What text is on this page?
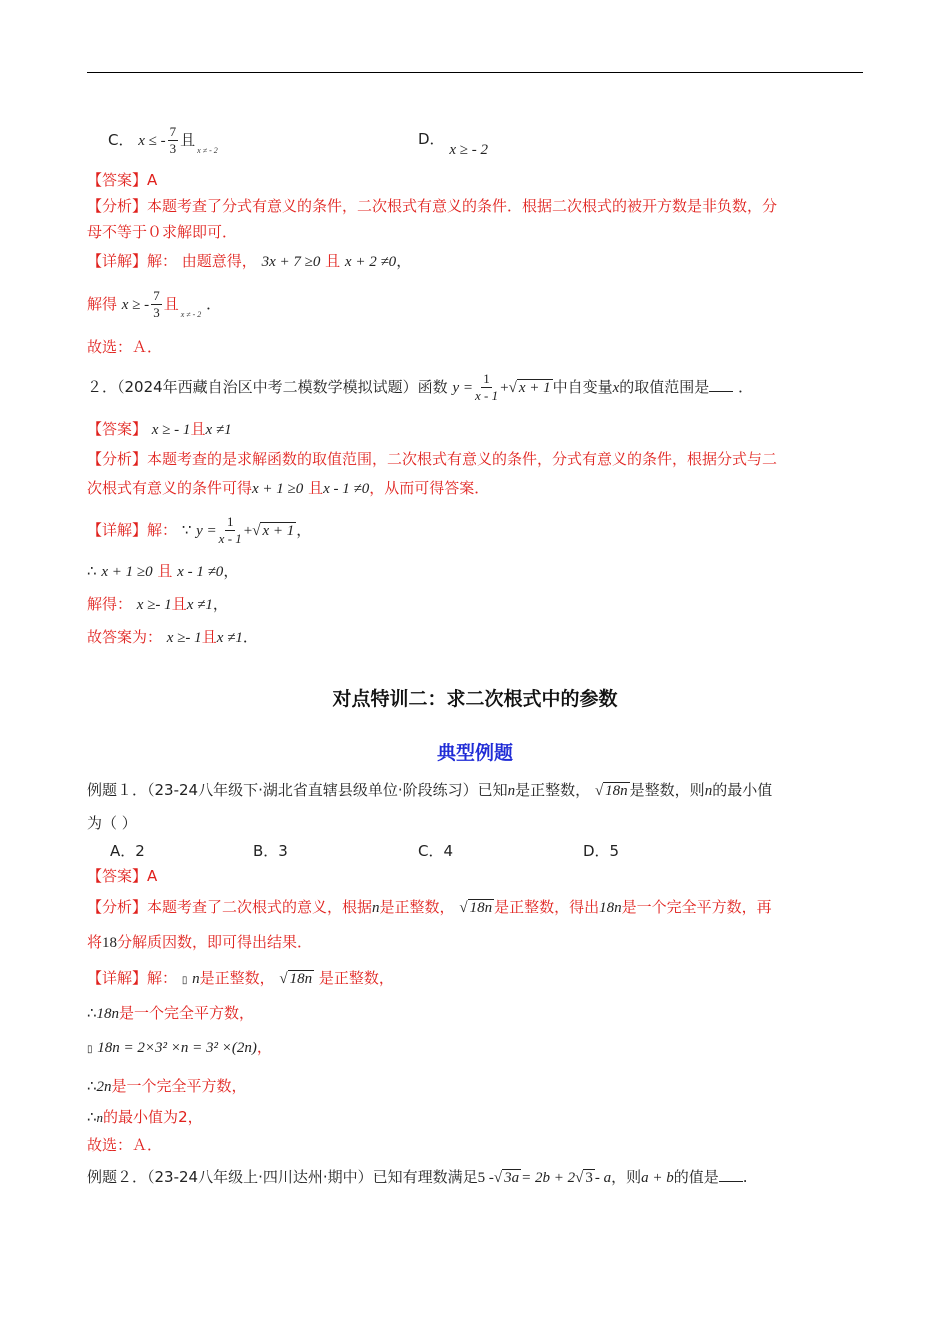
C． x ≤ - $\frac{7}{3}$ 且$_{x \ne - 2}$
D． x ≥ - 2
【答案】A
【分析】本题考查了分式有意义的条件，二次根式有意义的条件．根据二次根式的被开方数是非负数，分
母不等于０求解即可．
【详解】解： 由题意得， 3x + 7 ≥0 且 x + 2 ≠0，
解得 x ≥ - $\frac{7}{3}$ 且$_{x \ne - 2}$ ．
故选：Ａ．
２．（2024年西藏自治区中考二模数学模拟试题）函数 $y = \frac{1}{x - 1}$ +√ x + 1 中自变量x的取值范围是 ．
【答案】 x ≥ - 1且x ≠1
【分析】本题考查的是求解函数的取值范围，二次根式有意义的条件，分式有意义的条件，根据分式与二
次根式有意义的条件可得x + 1 ≥0 且x - 1 ≠0，从而可得答案．
【详解】解： ∵ $y = \frac{1}{x - 1}$ +√ x + 1 ，
∴ x + 1 ≥0 且 x - 1 ≠0，
解得： x ≥- 1且x ≠1，
故答案为： x ≥- 1且x ≠1．
对点特训二：求二次根式中的参数
典型例题
例题１．（23-24八年级下·湖北省直辖县级单位·阶段练习）已知n是正整数， √ 18n 是整数，则n的最小值
为（ ）
A．2	B．3	C．4	D．5
【答案】A
【分析】本题考查了二次根式的意义，根据n是正整数， √ 18n 是正整数，得出18n是一个完全平方数，再
将18分解质因数，即可得出结果．
【详解】解： ▯ n是正整数， √ 18n 是正整数，
∴18n是一个完全平方数，
▯ 18n = 2×3² ×n = 3² ×(2n)，
∴2n是一个完全平方数，
∴n的最小值为2，
故选：Ａ．
例题２．（23-24八年级上·四川达州·期中）已知有理数满足5 -√ 3a = 2b + 2√ 3 - a，则a + b的值是 .
